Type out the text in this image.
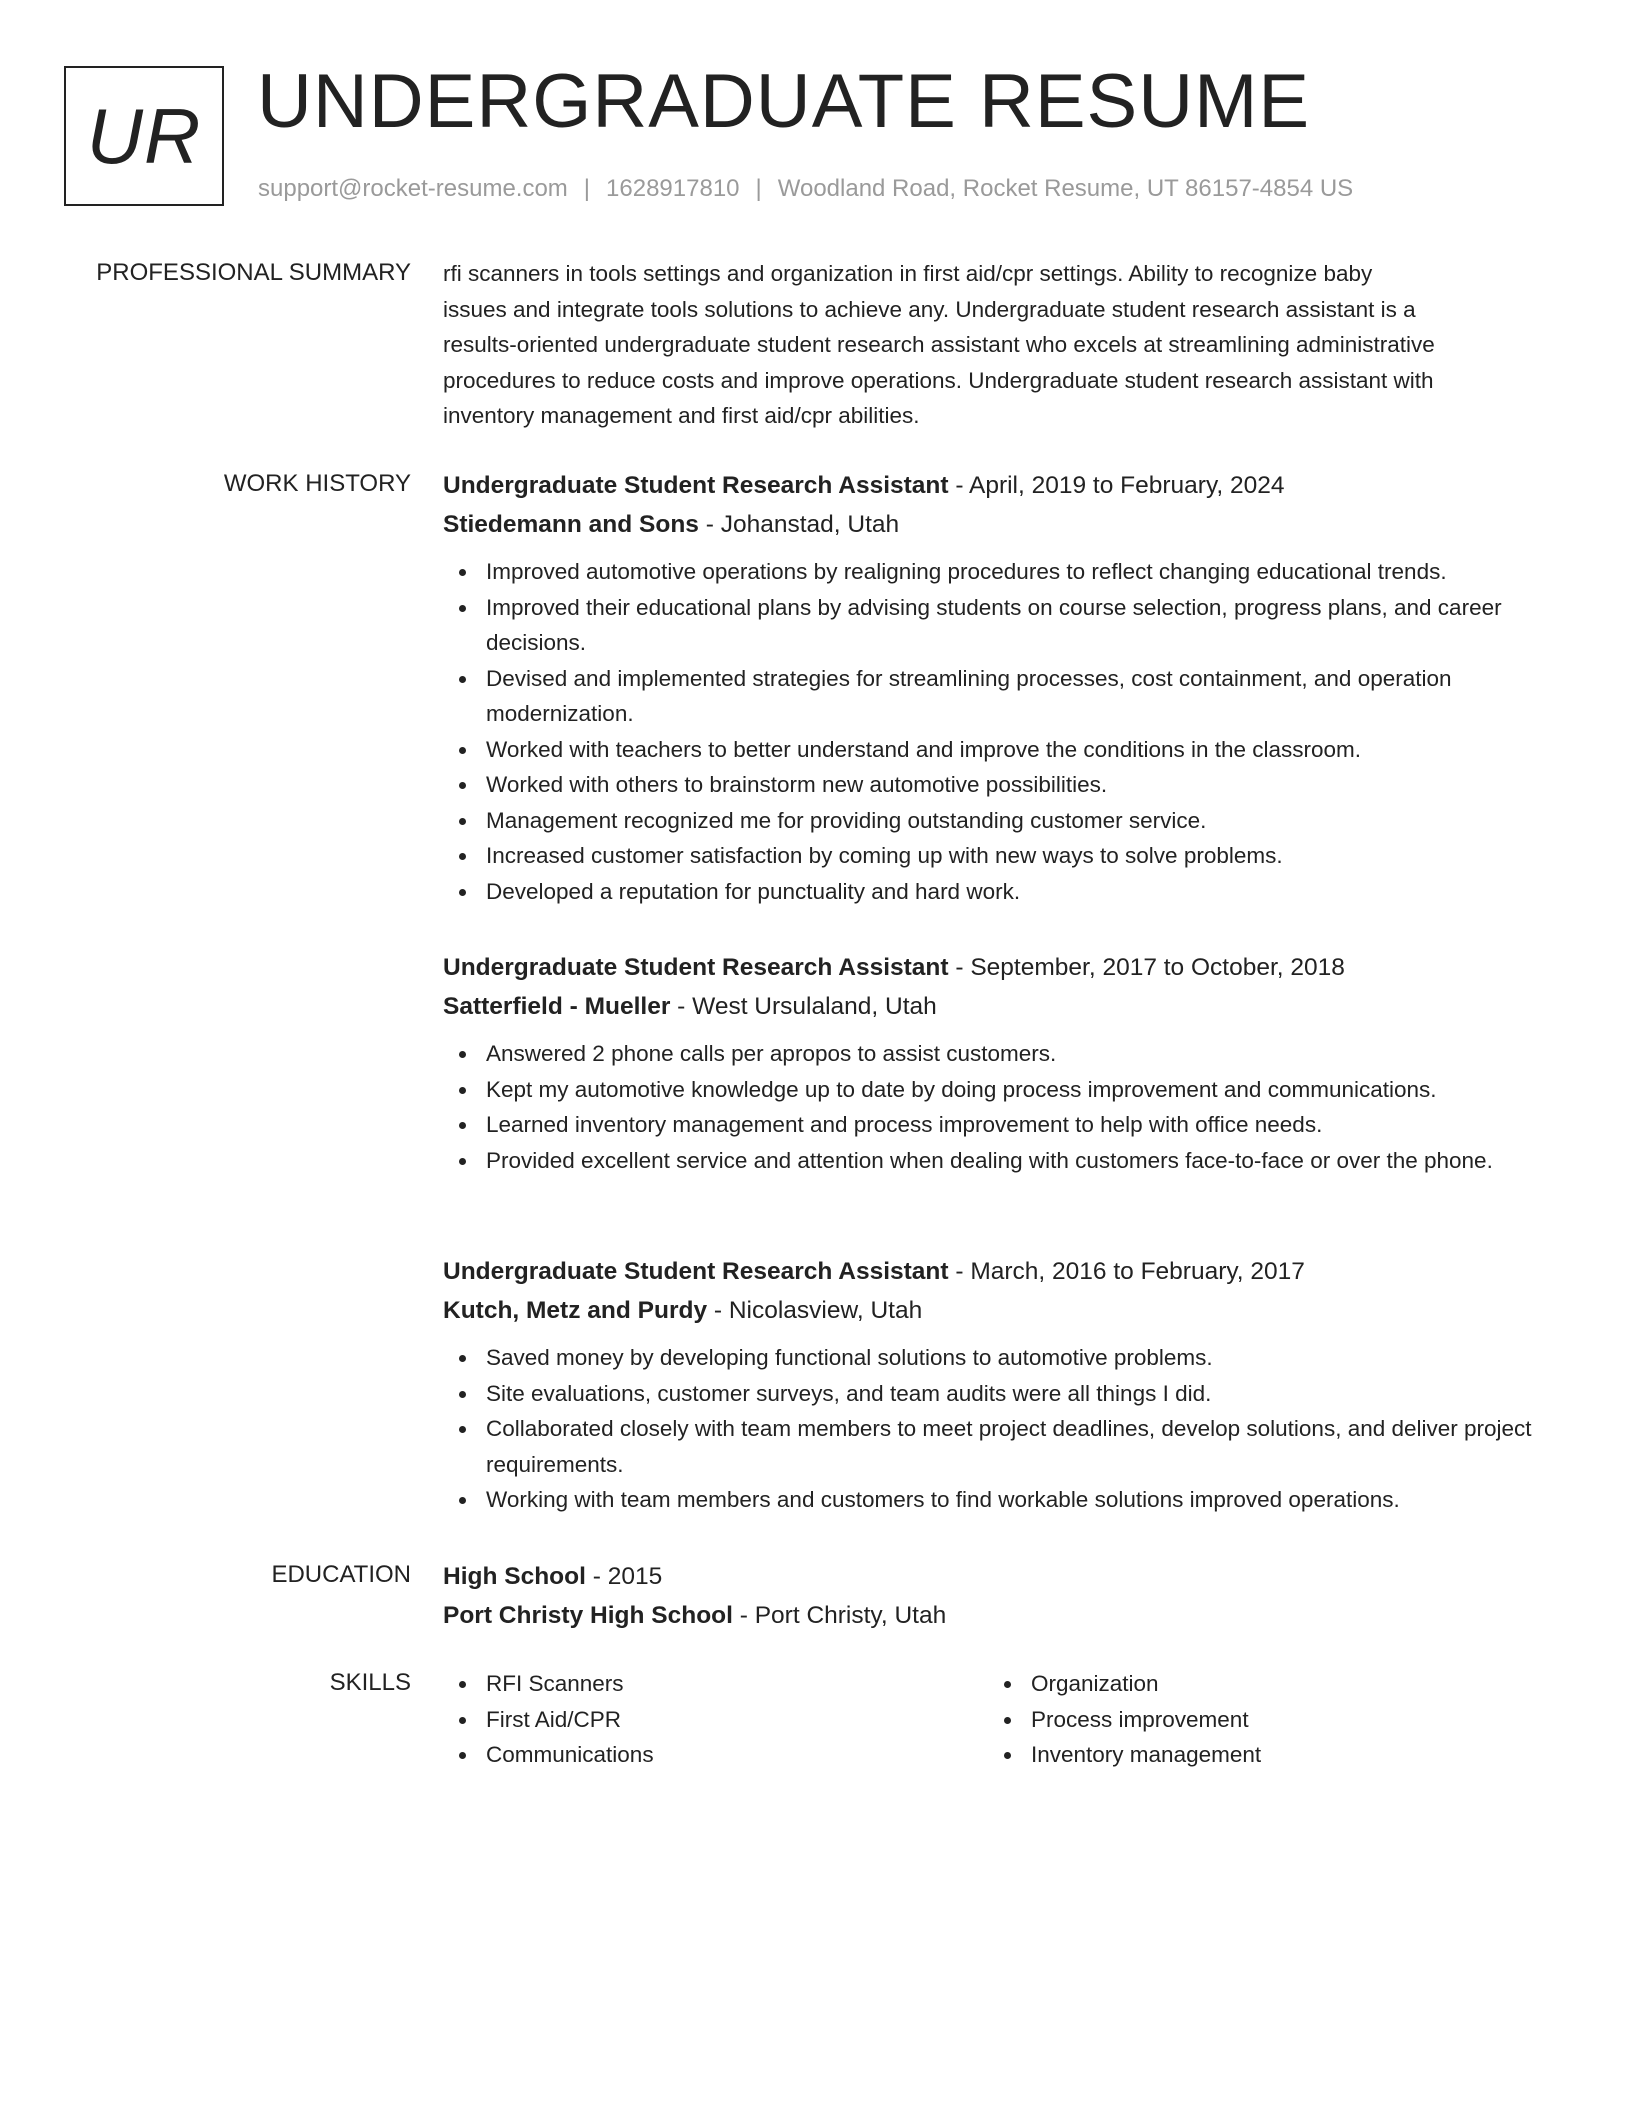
UR UNDERGRADUATE RESUME
support@rocket-resume.com | 1628917810 | Woodland Road, Rocket Resume, UT 86157-4854 US
PROFESSIONAL SUMMARY rfi scanners in tools settings and organization in first aid/cpr settings. Ability to recognize baby
issues and integrate tools solutions to achieve any. Undergraduate student research assistant is a
results-oriented undergraduate student research assistant who excels at streamlining administrative
procedures to reduce costs and improve operations. Undergraduate student research assistant with
inventory management and first aid/cpr abilities.
WORK HISTORY Undergraduate Student Research Assistant - April, 2019 to February, 2024
Stiedemann and Sons - Johanstad, Utah
Improved automotive operations by realigning procedures to reflect changing educational trends.
Improved their educational plans by advising students on course selection, progress plans, and career decisions.
Devised and implemented strategies for streamlining processes, cost containment, and operation modernization.
Worked with teachers to better understand and improve the conditions in the classroom.
Worked with others to brainstorm new automotive possibilities.
Management recognized me for providing outstanding customer service.
Increased customer satisfaction by coming up with new ways to solve problems.
Developed a reputation for punctuality and hard work.
Undergraduate Student Research Assistant - September, 2017 to October, 2018
Satterfield - Mueller - West Ursulaland, Utah
Answered 2 phone calls per apropos to assist customers.
Kept my automotive knowledge up to date by doing process improvement and communications.
Learned inventory management and process improvement to help with office needs.
Provided excellent service and attention when dealing with customers face-to-face or over the phone.
Undergraduate Student Research Assistant - March, 2016 to February, 2017
Kutch, Metz and Purdy - Nicolasview, Utah
Saved money by developing functional solutions to automotive problems.
Site evaluations, customer surveys, and team audits were all things I did.
Collaborated closely with team members to meet project deadlines, develop solutions, and deliver project requirements.
Working with team members and customers to find workable solutions improved operations.
EDUCATION High School - 2015
Port Christy High School - Port Christy, Utah
SKILLS	RFI Scanners
First Aid/CPR
Communications
Organization
Process improvement
Inventory management
